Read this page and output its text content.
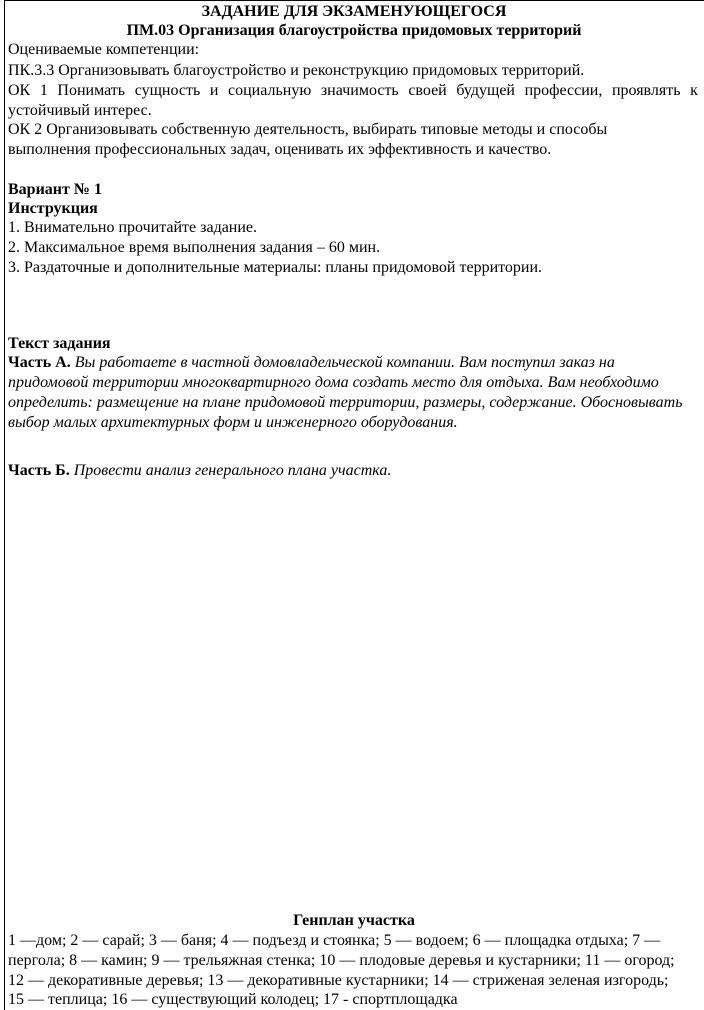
ЗАДАНИЕ ДЛЯ ЭКЗАМЕНУЮЩЕГОСЯ
ПМ.03 Организация благоустройства придомовых территорий
Оцениваемые компетенции:
ПК.3.3 Организовывать благоустройство и реконструкцию придомовых территорий.
ОК 1 Понимать сущность и социальную значимость своей будущей профессии, проявлять к
устойчивый интерес.
ОК 2 Организовывать собственную деятельность, выбирать типовые методы и способы
выполнения профессиональных задач, оценивать их эффективность и качество.
Вариант № 1
Инструкция
1. Внимательно прочитайте задание.
2. Максимальное время выполнения задания – 60 мин.
3. Раздаточные и дополнительные материалы: планы придомовой территории.
Текст задания
Часть А. Вы работаете в частной домовладельческой компании. Вам поступил заказ на
придомовой территории многоквартирного дома создать место для отдыха. Вам необходимо
определить: размещение на плане придомовой территории, размеры, содержание. Обосновывать
выбор малых архитектурных форм и инженерного оборудования.
Часть Б. Провести анализ генерального плана участка.
Генплан участка
1 —дом; 2 — сарай; 3 — баня; 4 — подъезд и стоянка; 5 — водоем; 6 — площадка отдыха; 7 —
пергола; 8 — камин; 9 — трельяжная стенка; 10 — плодовые деревья и кустарники; 11 — огород;
12 — декоративные деревья; 13 — декоративные кустарники; 14 — стриженая зеленая изгородь;
15 — теплица; 16 — существующий колодец; 17 - спортплощадка
